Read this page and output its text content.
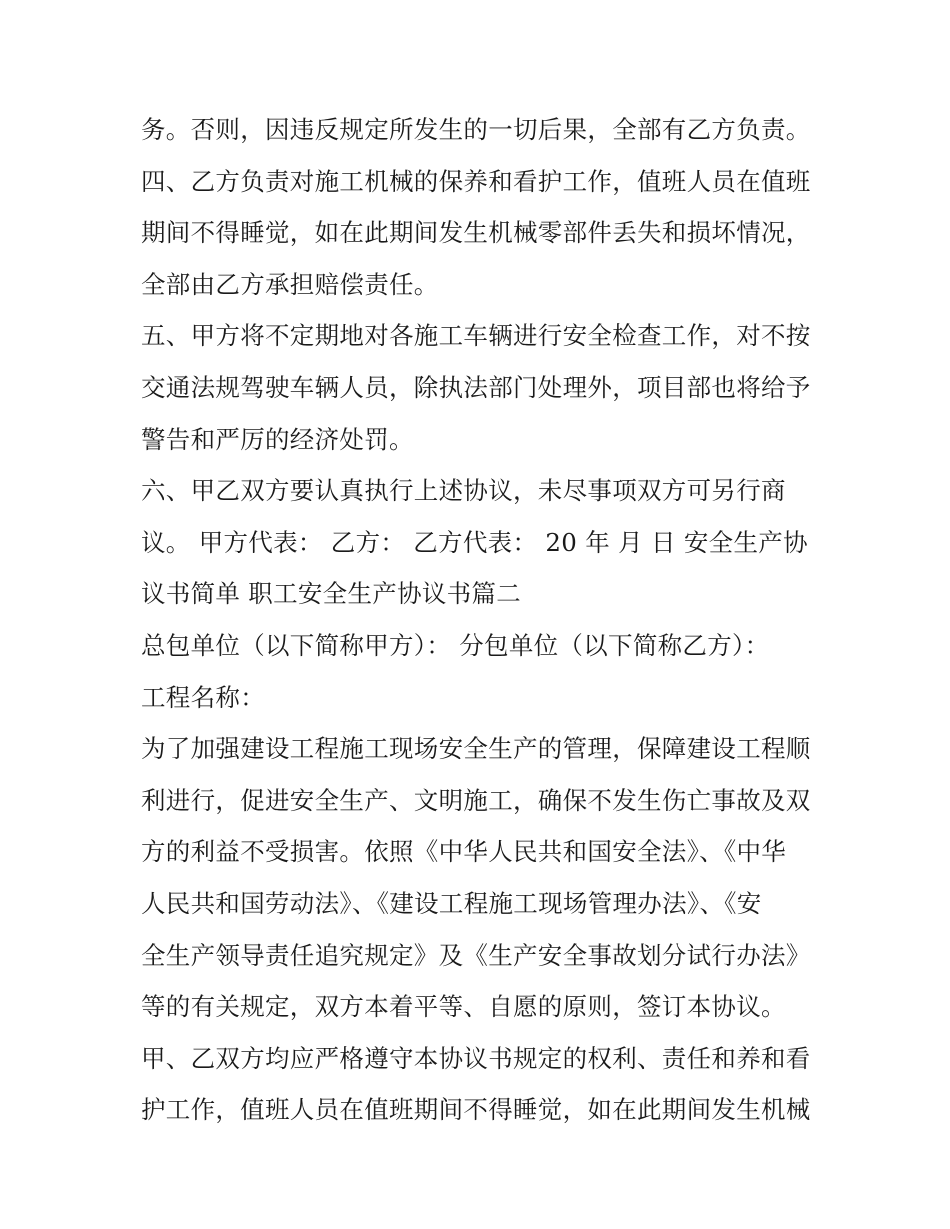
务。否则，因违反规定所发生的一切后果，全部有乙方负责。
四、乙方负责对施工机械的保养和看护工作，值班人员在值班
期间不得睡觉，如在此期间发生机械零部件丢失和损坏情况，
全部由乙方承担赔偿责任。
五、甲方将不定期地对各施工车辆进行安全检查工作，对不按
交通法规驾驶车辆人员，除执法部门处理外，项目部也将给予
警告和严厉的经济处罚。
六、甲乙双方要认真执行上述协议，未尽事项双方可另行商
议。 甲方代表： 乙方： 乙方代表： 20 年 月 日 安全生产协
议书简单 职工安全生产协议书篇二
总包单位（以下简称甲方）： 分包单位（以下简称乙方）：
工程名称：
为了加强建设工程施工现场安全生产的管理，保障建设工程顺
利进行，促进安全生产、文明施工，确保不发生伤亡事故及双
方的利益不受损害。依照《中华人民共和国安全法》、《中华
人民共和国劳动法》、《建设工程施工现场管理办法》、《安
全生产领导责任追究规定》及《生产安全事故划分试行办法》
等的有关规定，双方本着平等、自愿的原则，签订本协议。
甲、乙双方均应严格遵守本协议书规定的权利、责任和养和看
护工作，值班人员在值班期间不得睡觉，如在此期间发生机械
